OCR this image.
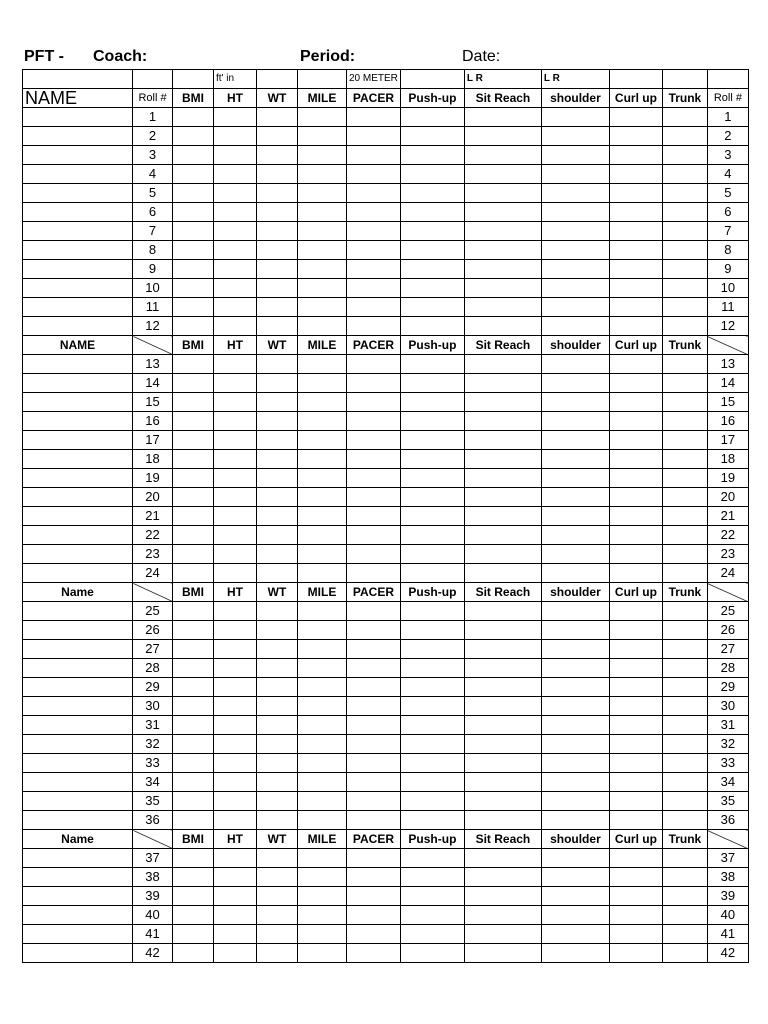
PFT - Coach:	Period:	Date:
			ft' in			20 METER		L R	L R			
NAME	Roll #	BMI	HT	WT	MILE	PACER	Push-up	Sit Reach	shoulder	Curl up	Trunk	Roll #
	1											1
	2											2
	3											3
	4											4
	5											5
	6											6
	7											7
	8											8
	9											9
	10											10
	11											11
	12											12
NAME		BMI	HT	WT	MILE	PACER	Push-up	Sit Reach	shoulder	Curl up	Trunk	
	13											13
	14											14
	15											15
	16											16
	17											17
	18											18
	19											19
	20											20
	21											21
	22											22
	23											23
	24											24
Name		BMI	HT	WT	MILE	PACER	Push-up	Sit Reach	shoulder	Curl up	Trunk	
	25											25
	26											26
	27											27
	28											28
	29											29
	30											30
	31											31
	32											32
	33											33
	34											34
	35											35
	36											36
Name		BMI	HT	WT	MILE	PACER	Push-up	Sit Reach	shoulder	Curl up	Trunk	
	37											37
	38											38
	39											39
	40											40
	41											41
	42											42
